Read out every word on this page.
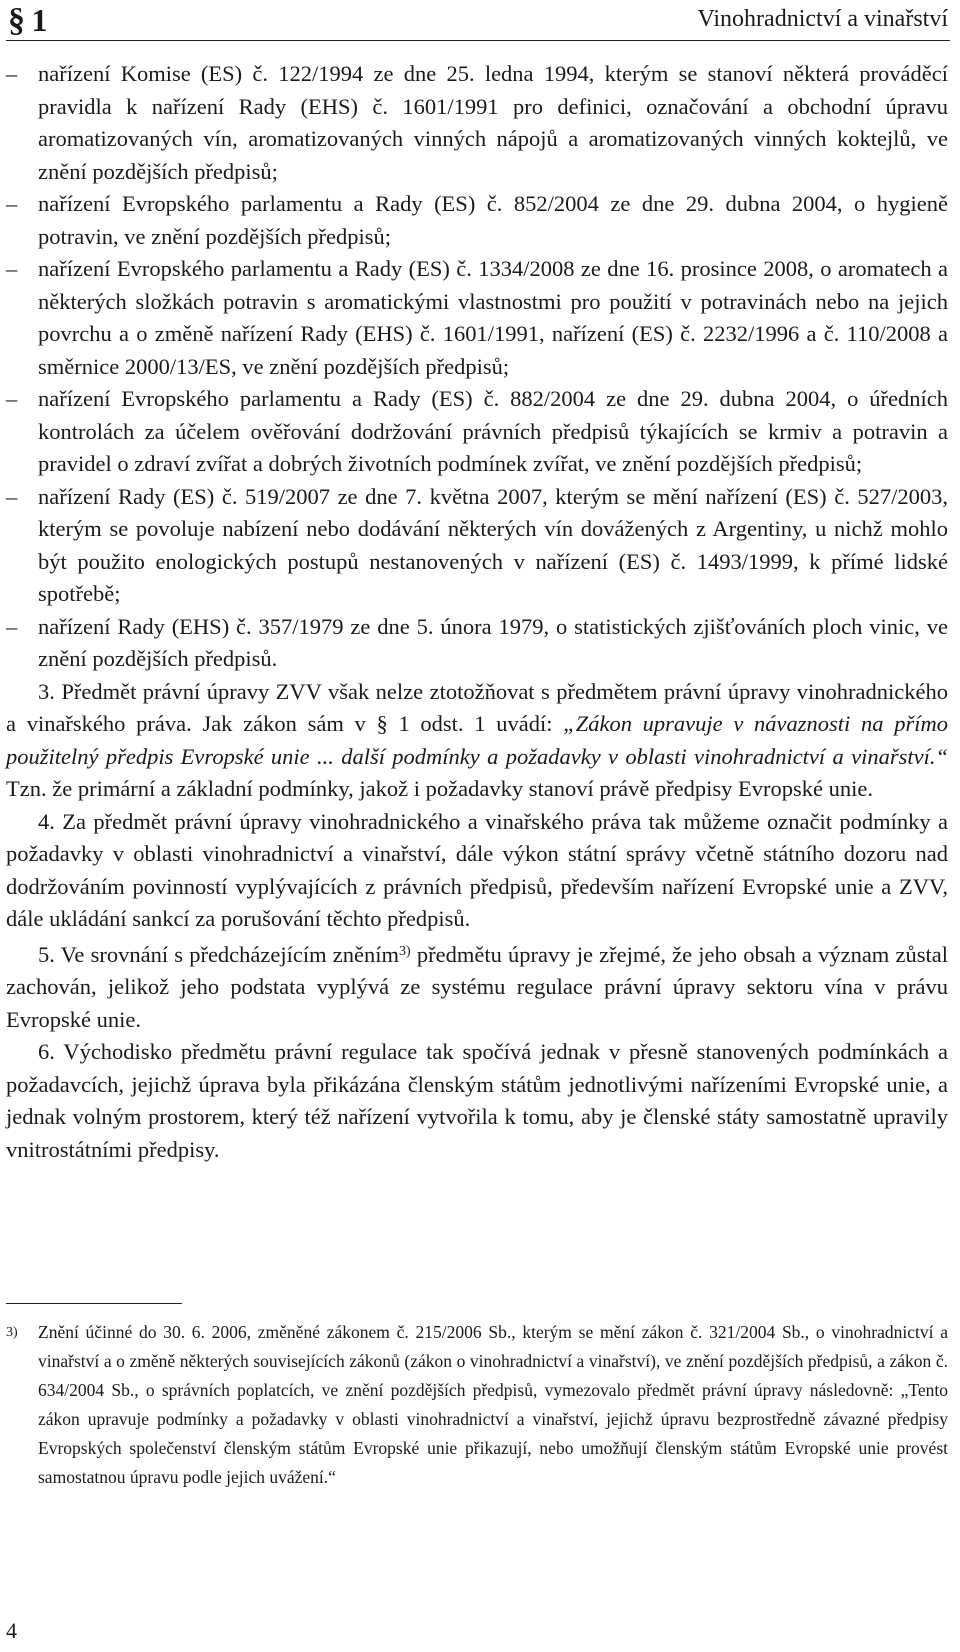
§ 1	Vinohradnictví a vinařství
– nařízení Komise (ES) č. 122/1994 ze dne 25. ledna 1994, kterým se stanoví některá prováděcí pravidla k nařízení Rady (EHS) č. 1601/1991 pro definici, označování a obchodní úpravu aromatizovaných vín, aromatizovaných vinných nápojů a aromatizovaných vinných koktejlů, ve znění pozdějších předpisů;
– nařízení Evropského parlamentu a Rady (ES) č. 852/2004 ze dne 29. dubna 2004, o hygieně potravin, ve znění pozdějších předpisů;
– nařízení Evropského parlamentu a Rady (ES) č. 1334/2008 ze dne 16. prosince 2008, o aromatech a některých složkách potravin s aromatickými vlastnostmi pro použití v potravinách nebo na jejich povrchu a o změně nařízení Rady (EHS) č. 1601/1991, nařízení (ES) č. 2232/1996 a č. 110/2008 a směrnice 2000/13/ES, ve znění pozdějších předpisů;
– nařízení Evropského parlamentu a Rady (ES) č. 882/2004 ze dne 29. dubna 2004, o úředních kontrolách za účelem ověřování dodržování právních předpisů týkajících se krmiv a potravin a pravidel o zdraví zvířat a dobrých životních podmínek zvířat, ve znění pozdějších předpisů;
– nařízení Rady (ES) č. 519/2007 ze dne 7. května 2007, kterým se mění nařízení (ES) č. 527/2003, kterým se povoluje nabízení nebo dodávání některých vín dovážených z Argentiny, u nichž mohlo být použito enologických postupů nestanovených v nařízení (ES) č. 1493/1999, k přímé lidské spotřebě;
– nařízení Rady (EHS) č. 357/1979 ze dne 5. února 1979, o statistických zjišťováních ploch vinic, ve znění pozdějších předpisů.

3. Předmět právní úpravy ZVV však nelze ztotožňovat s předmětem právní úpravy vinohradnického a vinařského práva. Jak zákon sám v § 1 odst. 1 uvádí: „Zákon upravuje v návaznosti na přímo použitelný předpis Evropské unie ... další podmínky a požadavky v oblasti vinohradnictví a vinařství.“ Tzn. že primární a základní podmínky, jakož i požadavky stanoví právě předpisy Evropské unie.

4. Za předmět právní úpravy vinohradnického a vinařského práva tak můžeme označit podmínky a požadavky v oblasti vinohradnictví a vinařství, dále výkon státní správy včetně státního dozoru nad dodržováním povinností vyplývajících z právních předpisů, především nařízení Evropské unie a ZVV, dále ukládání sankcí za porušování těchto předpisů.

5. Ve srovnání s předcházejícím zněním$^{3)}$ předmětu úpravy je zřejmé, že jeho obsah a význam zůstal zachován, jelikož jeho podstata vyplývá ze systému regulace právní úpravy sektoru vína v právu Evropské unie.

6. Východisko předmětu právní regulace tak spočívá jednak v přesně stanovených podmínkách a požadavcích, jejichž úprava byla přikázána členským státům jednotlivými nařízeními Evropské unie, a jednak volným prostorem, který též nařízení vytvořila k tomu, aby je členské státy samostatně upravily vnitrostátními předpisy.

3) Znění účinné do 30. 6. 2006, změněné zákonem č. 215/2006 Sb., kterým se mění zákon č. 321/2004 Sb., o vinohradnictví a vinařství a o změně některých souvisejících zákonů (zákon o vinohradnictví a vinařství), ve znění pozdějších předpisů, a zákon č. 634/2004 Sb., o správních poplatcích, ve znění pozdějších předpisů, vymezovalo předmět právní úpravy následovně: „Tento zákon upravuje podmínky a požadavky v oblasti vinohradnictví a vinařství, jejichž úpravu bezprostředně závazné předpisy Evropských společenství členským státům Evropské unie přikazují, nebo umožňují členským státům Evropské unie provést samostatnou úpravu podle jejich uvážení.“
4
